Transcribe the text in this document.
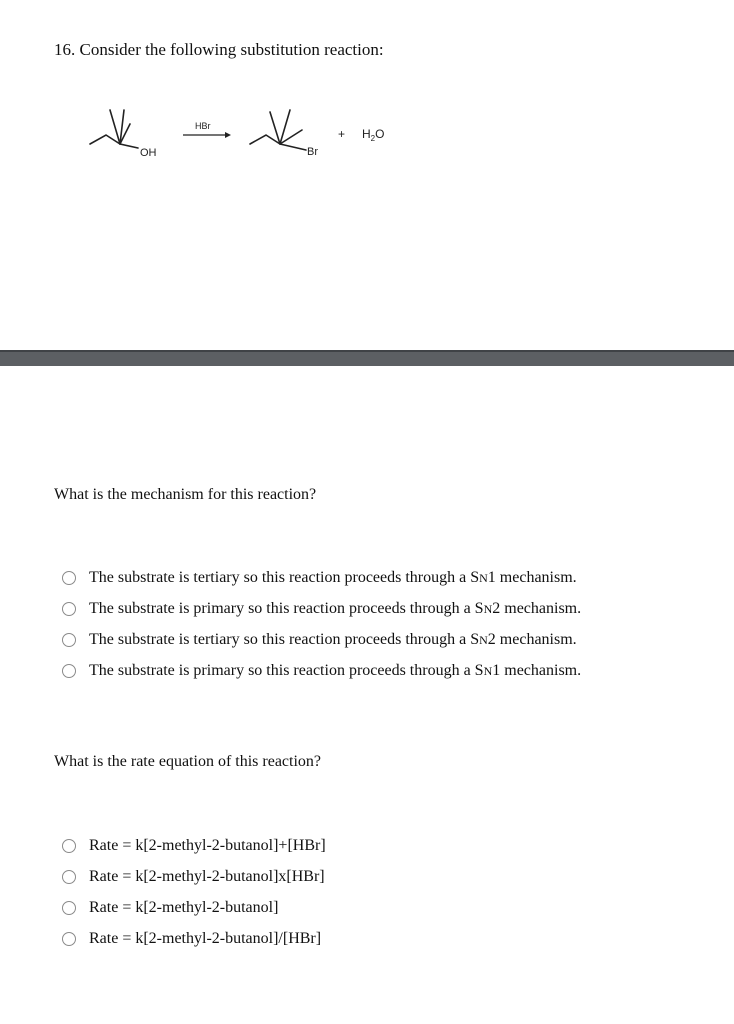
16. Consider the following substitution reaction:
OH
HBr
Br
+ $H_2O$
What is the mechanism for this reaction?
The substrate is tertiary so this reaction proceeds through a SN1 mechanism.
The substrate is primary so this reaction proceeds through a SN2 mechanism.
The substrate is tertiary so this reaction proceeds through a SN2 mechanism.
The substrate is primary so this reaction proceeds through a SN1 mechanism.
What is the rate equation of this reaction?
Rate = k[2-methyl-2-butanol]+[HBr]
Rate = k[2-methyl-2-butanol]x[HBr]
Rate = k[2-methyl-2-butanol]
Rate = k[2-methyl-2-butanol]/[HBr]
